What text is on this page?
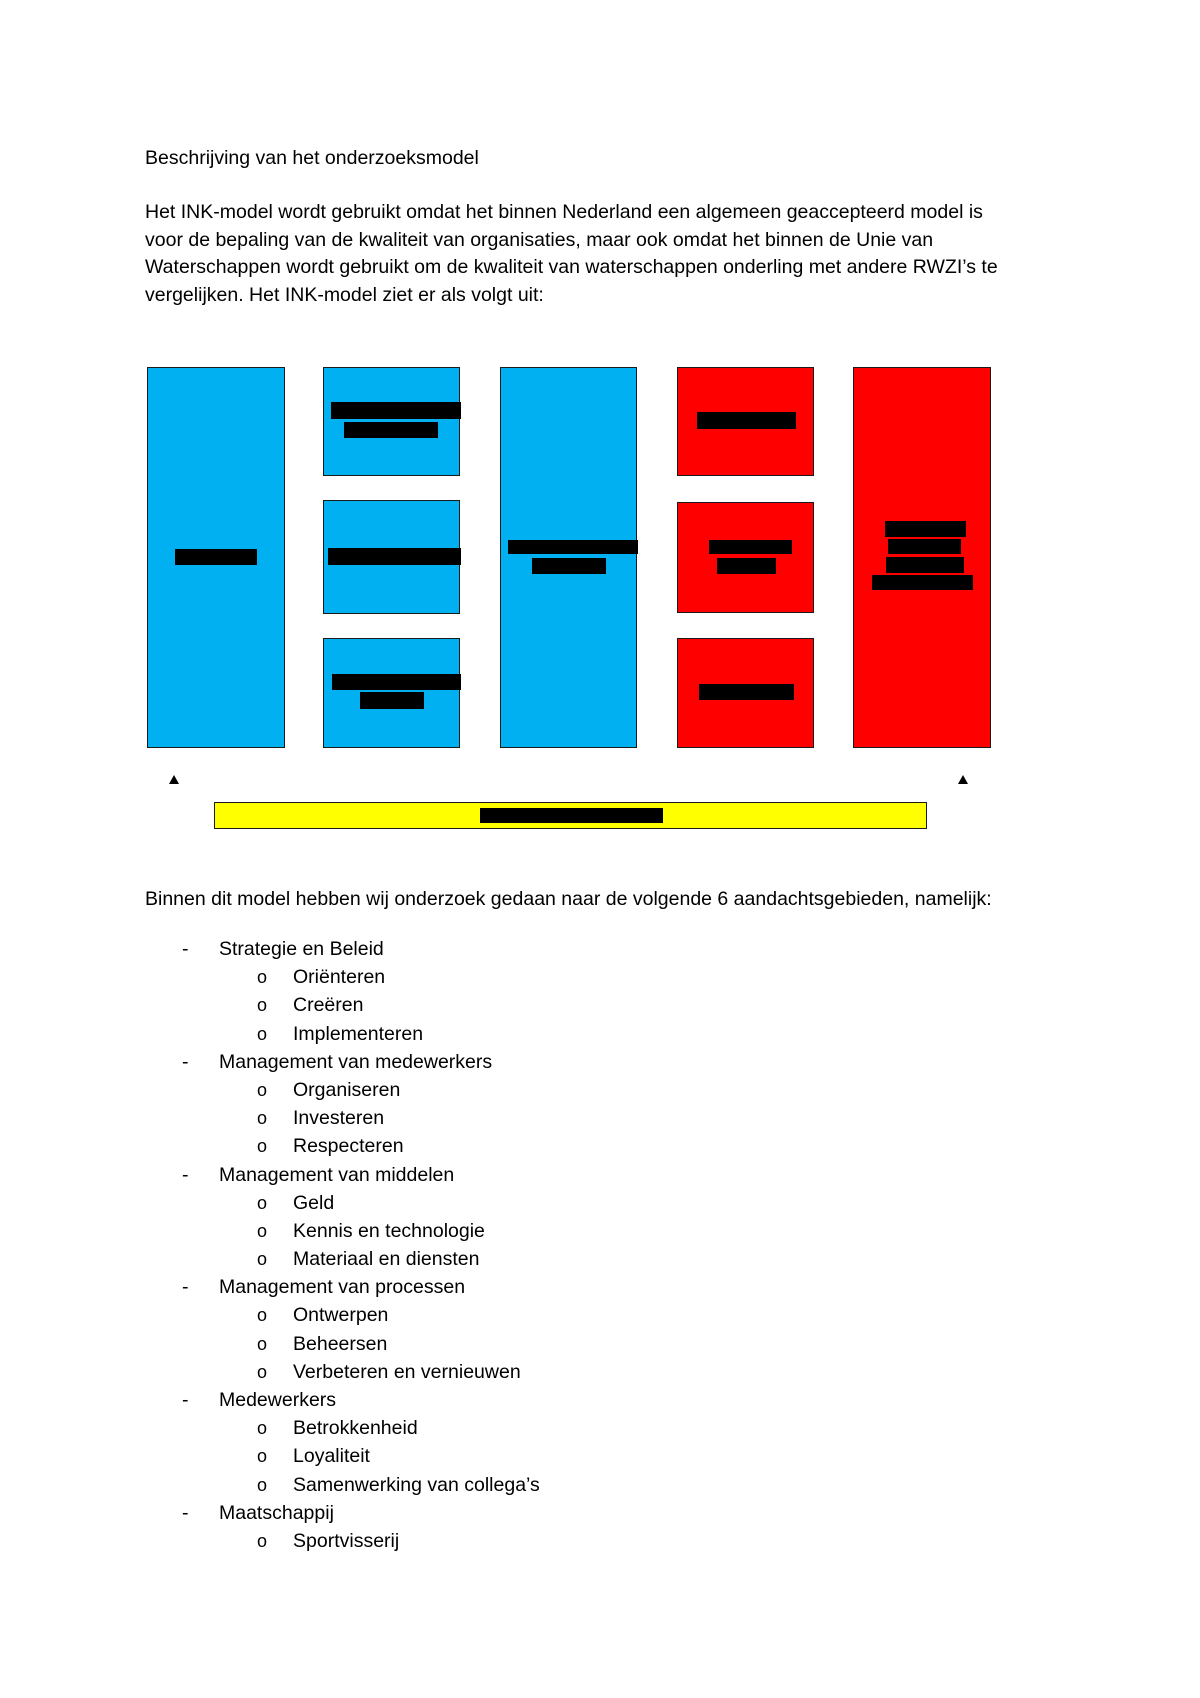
Beschrijving van het onderzoeksmodel
Het INK-model wordt gebruikt omdat het binnen Nederland een algemeen geaccepteerd model is
voor de bepaling van de kwaliteit van organisaties, maar ook omdat het binnen de Unie van
Waterschappen wordt gebruikt om de kwaliteit van waterschappen onderling met andere RWZI’s te
vergelijken. Het INK-model ziet er als volgt uit:
Binnen dit model hebben wij onderzoek gedaan naar de volgende 6 aandachtsgebieden, namelijk:
- Strategie en Beleid
o Oriënteren
o Creëren
o Implementeren
- Management van medewerkers
o Organiseren
o Investeren
o Respecteren
- Management van middelen
o Geld
o Kennis en technologie
o Materiaal en diensten
- Management van processen
o Ontwerpen
o Beheersen
o Verbeteren en vernieuwen
- Medewerkers
o Betrokkenheid
o Loyaliteit
o Samenwerking van collega’s
- Maatschappij
o Sportvisserij
